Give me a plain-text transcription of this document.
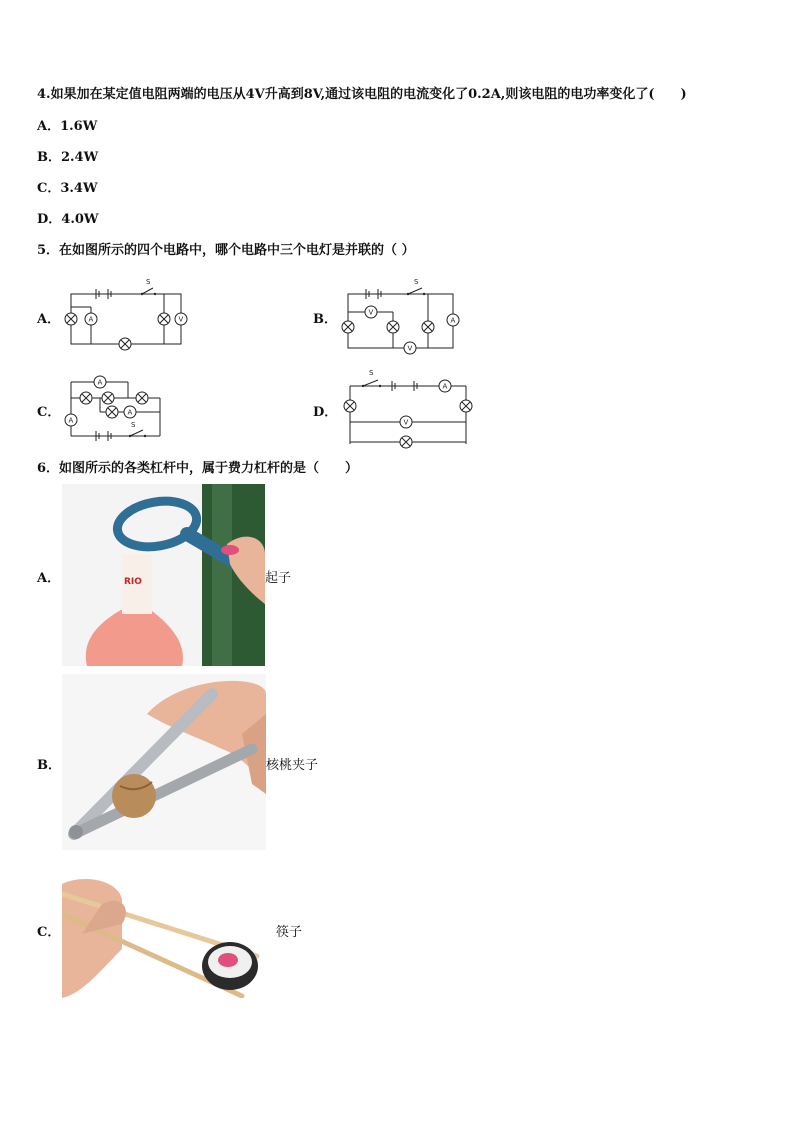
4.如果加在某定值电阻两端的电压从4V升高到8V,通过该电阻的电流变化了0.2A,则该电阻的电功率变化了(　　)
A．1.6W
B．2.4W
C．3.4W
D．4.0W
5．在如图所示的四个电路中，哪个电路中三个电灯是并联的（ ）
A．	B．
C．	D．
S
A	V
S
V
A
V
A
A
A
S
S
A
V
6．如图所示的各类杠杆中，属于费力杠杆的是（　　）
A．	RIO	起子
B．	核桃夹子
C．	筷子
